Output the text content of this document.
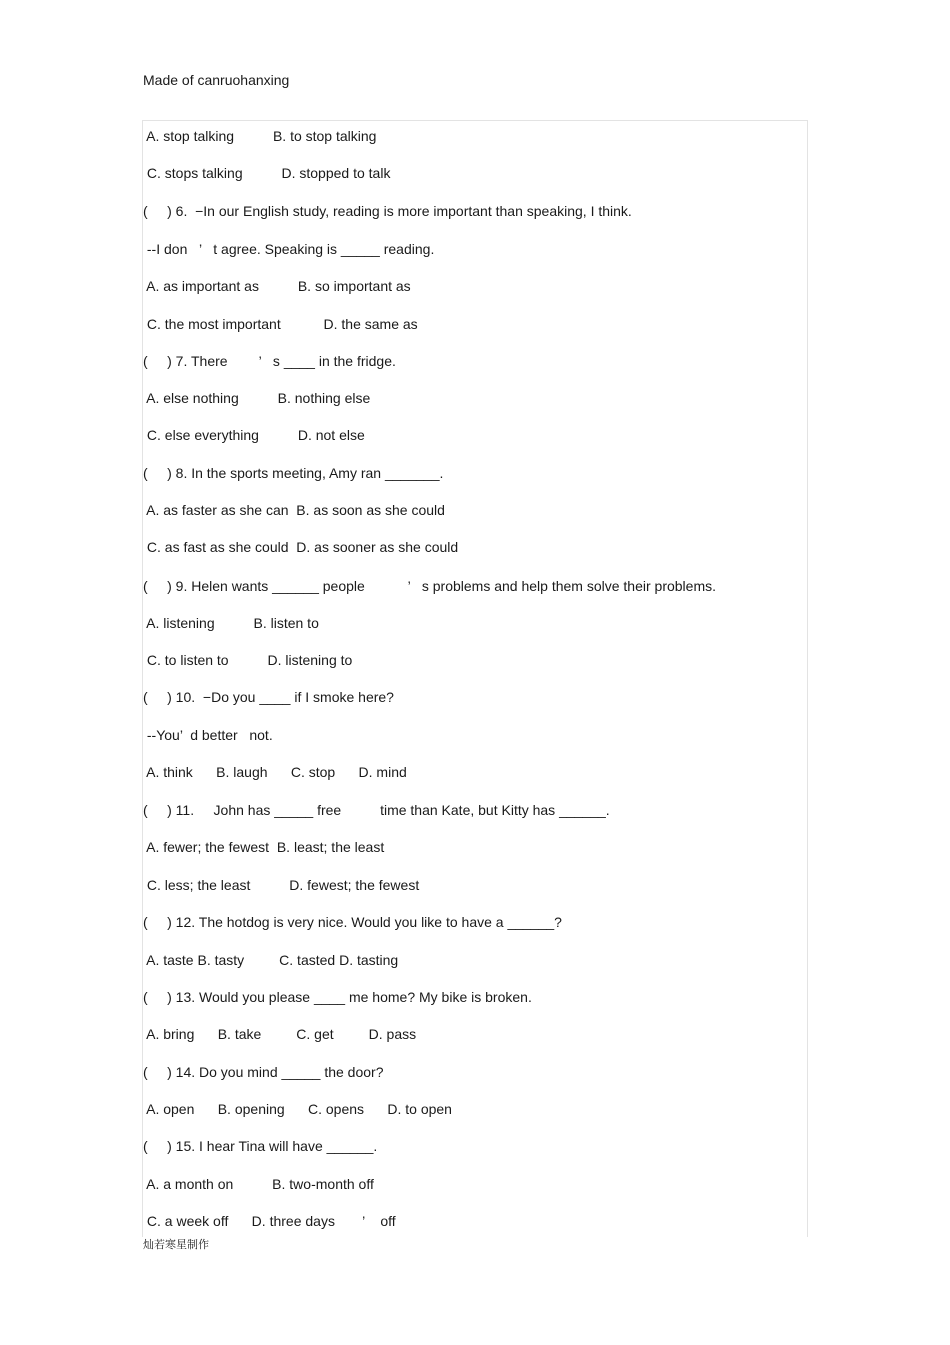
Made of canruohanxing
A. stop talking          B. to stop talking
C. stops talking          D. stopped to talk
(     ) 6.  −In our English study, reading is more important than speaking, I think.
--I don   ’   t agree. Speaking is _____ reading.
A. as important as          B. so important as
C. the most important           D. the same as
(     ) 7. There        ’   s ____ in the fridge.
A. else nothing          B. nothing else
C. else everything          D. not else
(     ) 8. In the sports meeting, Amy ran _______.
A. as faster as she can  B. as soon as she could
C. as fast as she could  D. as sooner as she could
(     ) 9. Helen wants ______ people           ’   s problems and help them solve their problems.
A. listening          B. listen to
C. to listen to          D. listening to
(     ) 10.  −Do you ____ if I smoke here?
--You’  d better   not.
A. think      B. laugh      C. stop      D. mind
(     ) 11.     John has _____ free          time than Kate, but Kitty has ______.
A. fewer; the fewest  B. least; the least
C. less; the least          D. fewest; the fewest
(     ) 12. The hotdog is very nice. Would you like to have a ______?
A. taste B. tasty         C. tasted D. tasting
(     ) 13. Would you please ____ me home? My bike is broken.
A. bring      B. take         C. get         D. pass
(     ) 14. Do you mind _____ the door?
A. open      B. opening      C. opens      D. to open
(     ) 15. I hear Tina will have ______.
A. a month on          B. two-month off
C. a week off      D. three days       ’    off
灿若寒星制作
